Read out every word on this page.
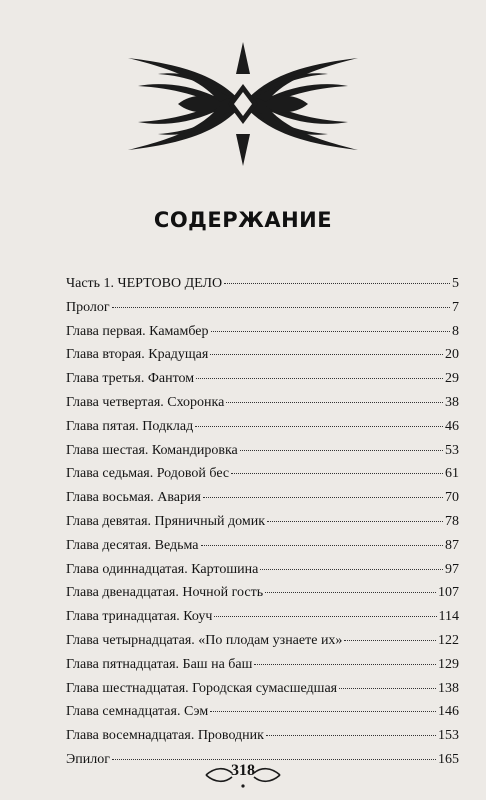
СОДЕРЖАНИЕ
Часть 1. ЧЕРТОВО ДЕЛО	5
Пролог	7
Глава первая. Камамбер	8
Глава вторая. Крадущая	20
Глава третья. Фантом	29
Глава четвертая. Схоронка	38
Глава пятая. Подклад	46
Глава шестая. Командировка	53
Глава седьмая. Родовой бес	61
Глава восьмая. Авария	70
Глава девятая. Пряничный домик	78
Глава десятая. Ведьма	87
Глава одиннадцатая. Картошина	97
Глава двенадцатая. Ночной гость	107
Глава тринадцатая. Коуч	114
Глава четырнадцатая. «По плодам узнаете их»	122
Глава пятнадцатая. Баш на баш	129
Глава шестнадцатая. Городская сумасшедшая	138
Глава семнадцатая. Сэм	146
Глава восемнадцатая. Проводник	153
Эпилог	165
318
